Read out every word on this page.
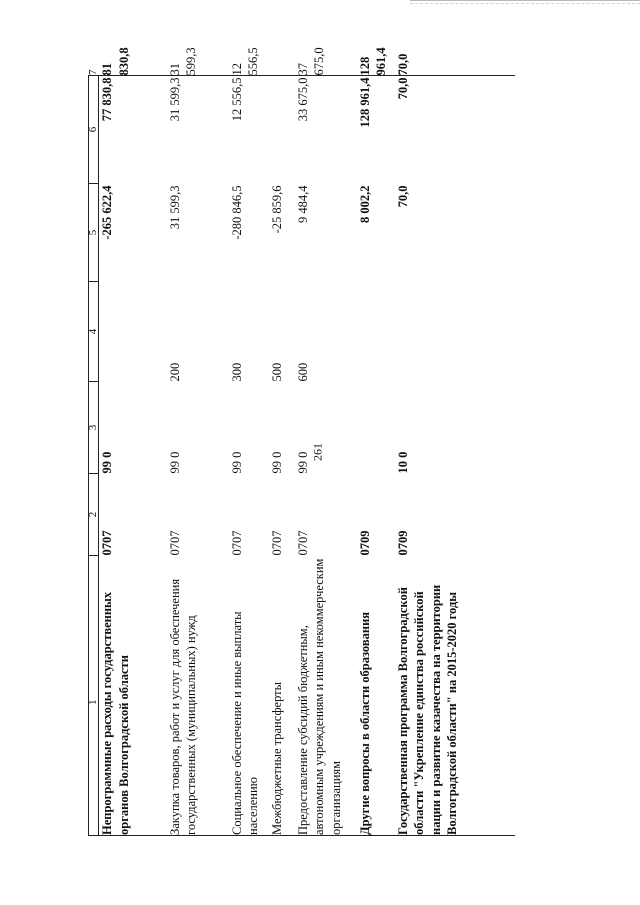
261
1	2	3	4	5	6	7
Непрограммные расходы государственных органов Волгоградской области	0707	99 0		-265 622,4	77 830,8	81 830,8
Закупка товаров, работ и услуг для обеспечения государственных (муниципальных) нужд	0707	99 0	200	31 599,3	31 599,3	31 599,3
Социальное обеспечение и иные выплаты населению	0707	99 0	300	-280 846,5	12 556,5	12 556,5
Межбюджетные трансферты	0707	99 0	500	-25 859,6		
Предоставление субсидий бюджетным, автономным учреждениям и иным некоммерческим организациям	0707	99 0	600	9 484,4	33 675,0	37 675,0
Другие вопросы в области образования	0709			8 002,2	128 961,4	128 961,4
Государственная программа Волгоградской области "Укрепление единства российской нации и развитие казачества на территории Волгоградской области" на 2015-2020 годы	0709	10 0		70,0	70,0	70,0
